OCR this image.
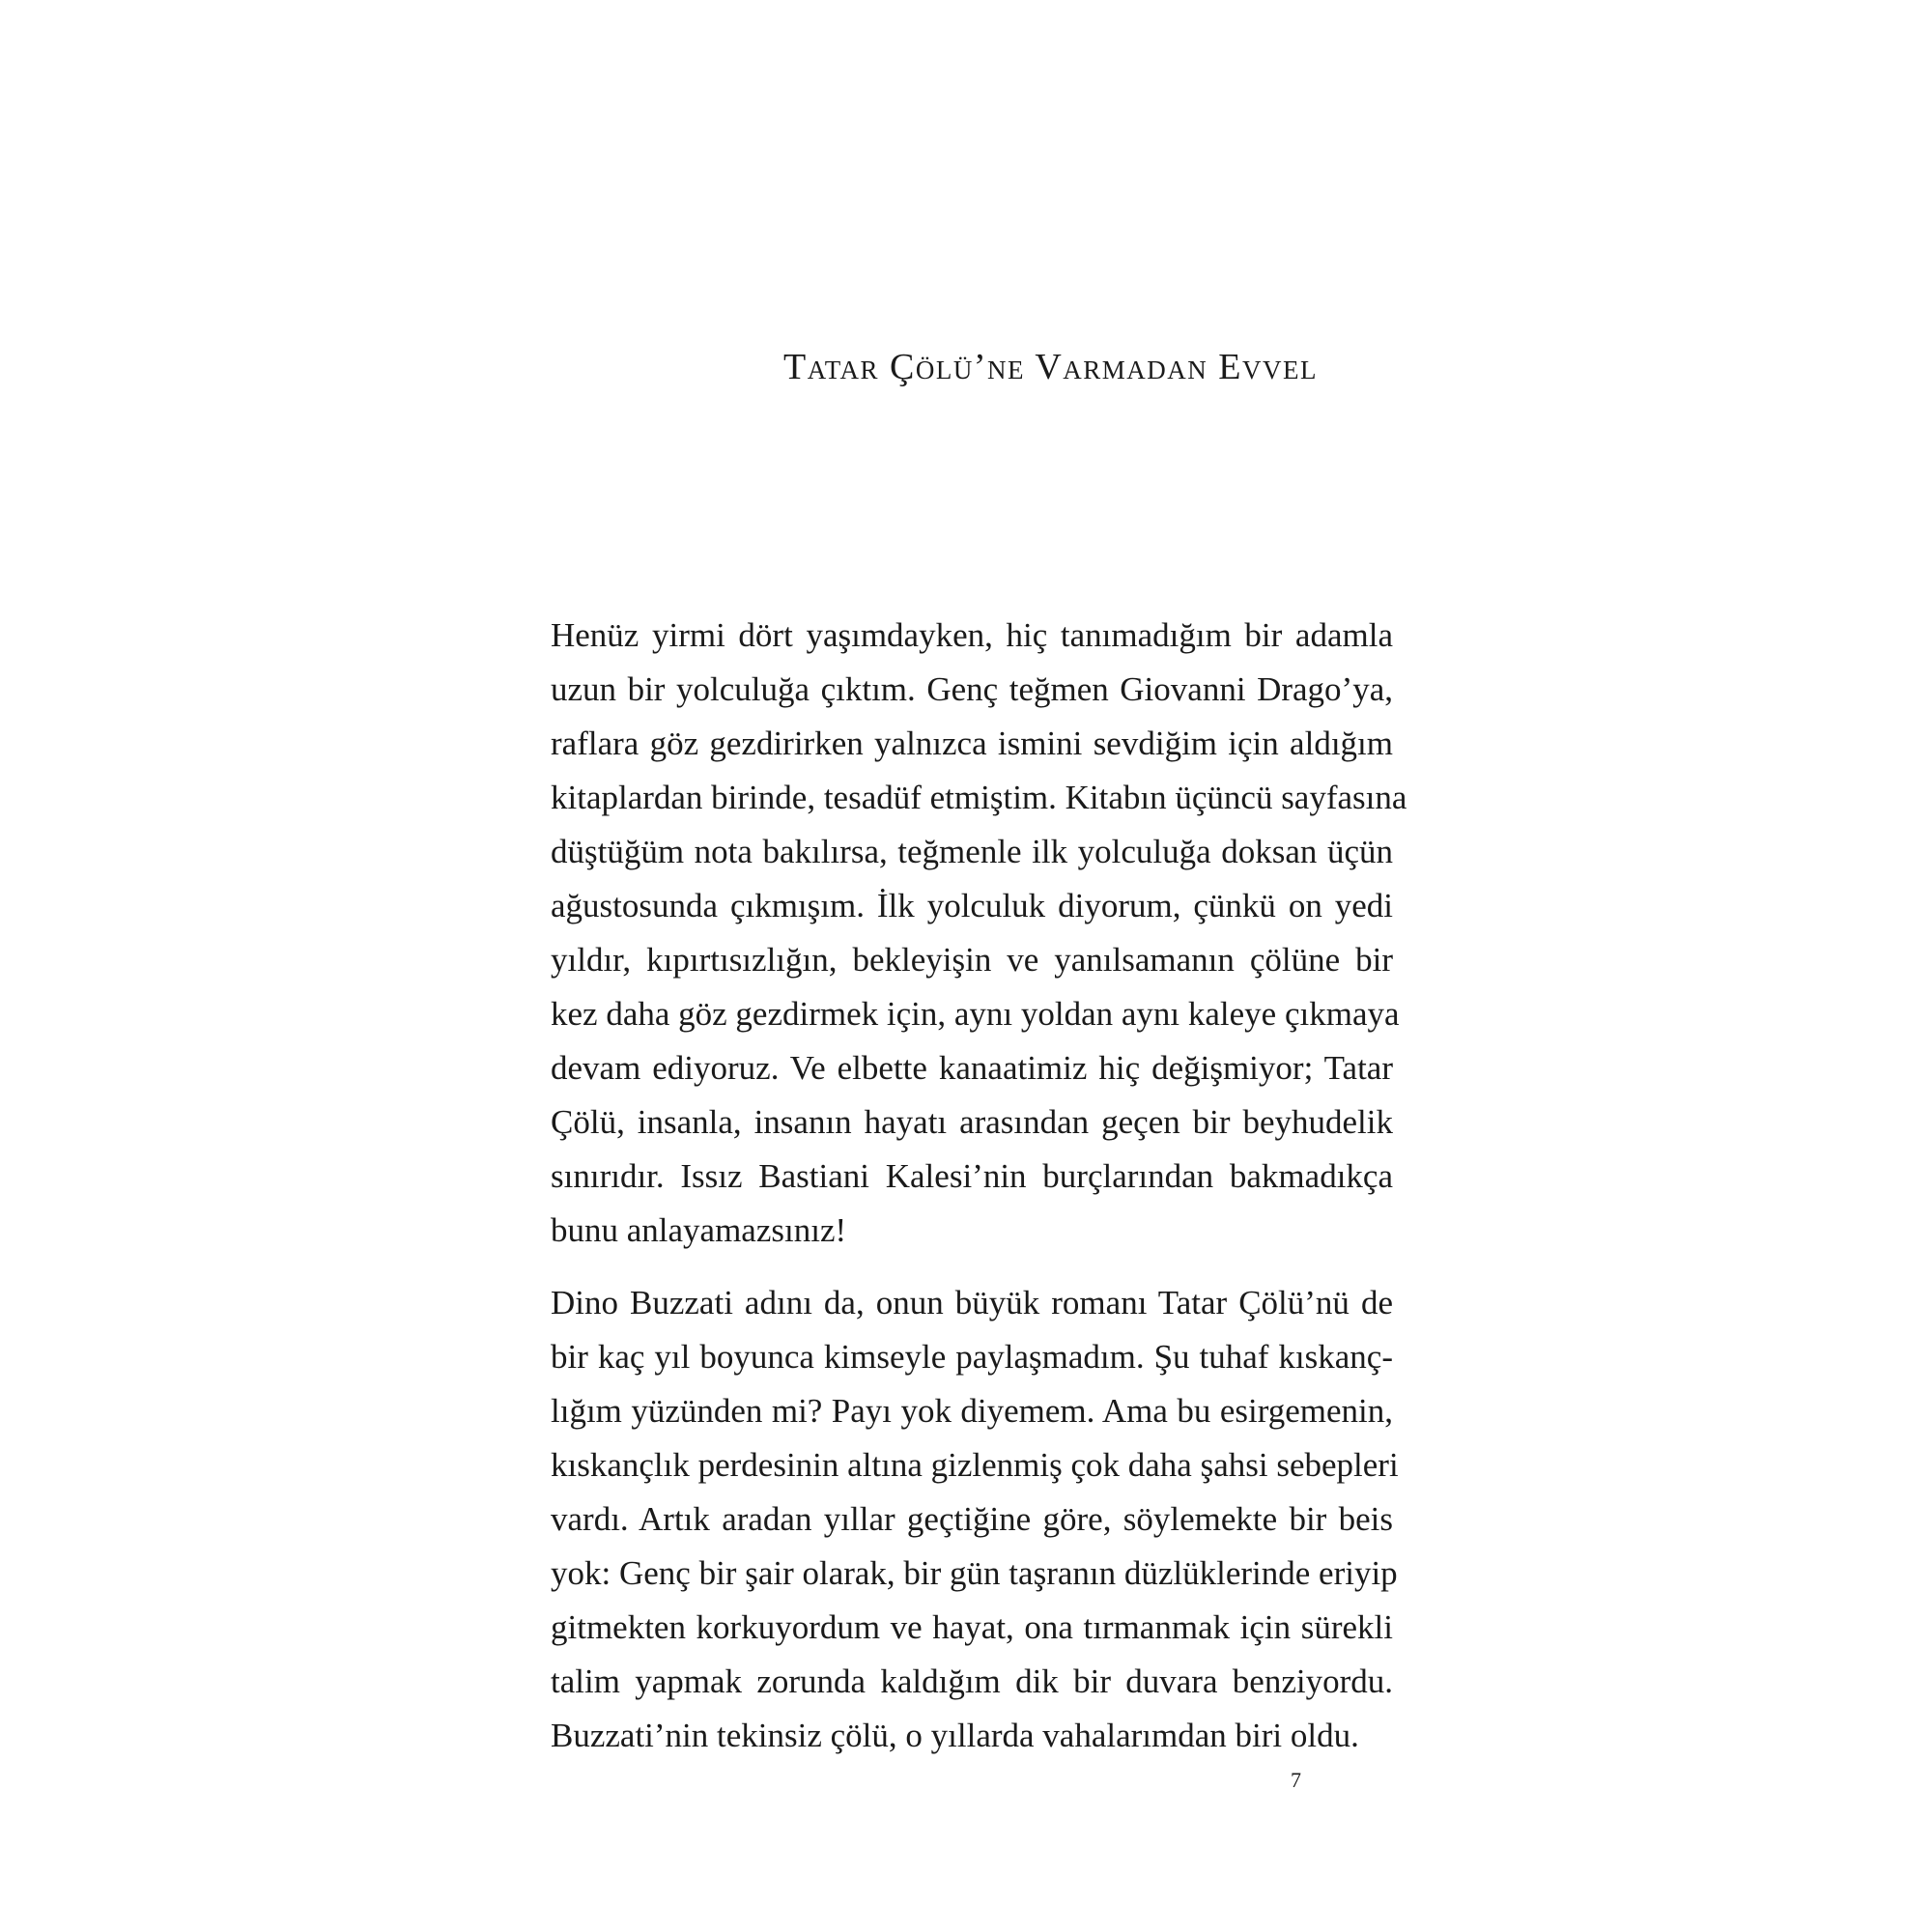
Tatar Çölü’ne Varmadan Evvel

Henüz yirmi dört yaşımdayken, hiç tanımadığım bir adamla
uzun bir yolculuğa çıktım. Genç teğmen Giovanni Drago’ya,
raflara göz gezdirirken yalnızca ismini sevdiğim için aldığım
kitaplardan birinde, tesadüf etmiştim. Kitabın üçüncü sayfasına
düştüğüm nota bakılırsa, teğmenle ilk yolculuğa doksan üçün
ağustosunda çıkmışım. İlk yolculuk diyorum, çünkü on yedi
yıldır, kıpırtısızlığın, bekleyişin ve yanılsamanın çölüne bir
kez daha göz gezdirmek için, aynı yoldan aynı kaleye çıkmaya
devam ediyoruz. Ve elbette kanaatimiz hiç değişmiyor; Tatar
Çölü, insanla, insanın hayatı arasından geçen bir beyhudelik
sınırıdır. Issız Bastiani Kalesi’nin burçlarından bakmadıkça
bunu anlayamazsınız!

Dino Buzzati adını da, onun büyük romanı Tatar Çölü’nü de
bir kaç yıl boyunca kimseyle paylaşmadım. Şu tuhaf kıskanç-
lığım yüzünden mi? Payı yok diyemem. Ama bu esirgemenin,
kıskançlık perdesinin altına gizlenmiş çok daha şahsi sebepleri
vardı. Artık aradan yıllar geçtiğine göre, söylemekte bir beis
yok: Genç bir şair olarak, bir gün taşranın düzlüklerinde eriyip
gitmekten korkuyordum ve hayat, ona tırmanmak için sürekli
talim yapmak zorunda kaldığım dik bir duvara benziyordu.
Buzzati’nin tekinsiz çölü, o yıllarda vahalarımdan biri oldu.

7
